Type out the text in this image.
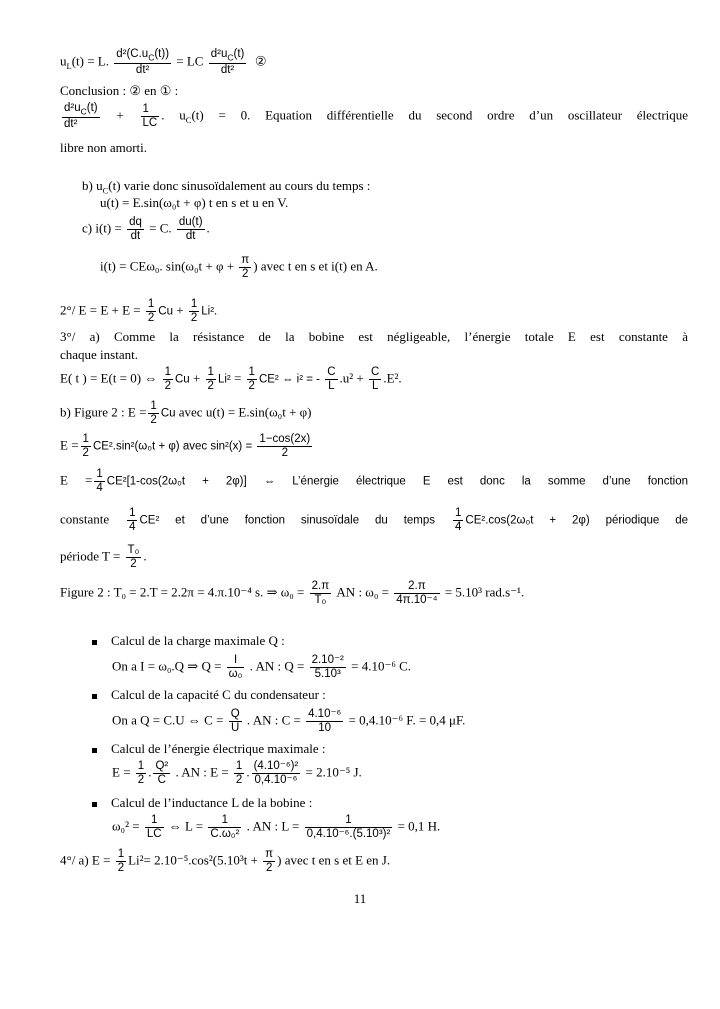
$u_L(t) = L$. $\frac{d^2(C.u_C(t))}{\text{dt²}}$ = LC $\frac{d^2u_C(t)}{\text{dt²}}$ ②
Conclusion : ② en ① :
$\frac{d^2u_C(t)}{\text{dt²}} + \frac{1}{LC}$ . $u_C(t) = 0$. Equation différentielle du second ordre d’un oscillateur électrique
libre non amorti.
b) $u_C(t)$ varie donc sinusoïdalement au cours du temps :
u(t) = E.sin(ω₀t + φ) t en s et u en V.
c) $i(t) = \frac{dq}{dt} = C$. $\frac{du(t)}{dt}$ .
i(t) = CEω₀. $\sin(\omega_0t + \varphi + \frac{\pi}{2}$ ) avec t en s et i(t) en A.
2°/ $E = E + E = \frac{1}{2}$ $Cu + \frac{1}{2} Li^2$.
3°/ a) Comme la résistance de la bobine est négligeable, l’énergie totale E est constante à
chaque instant.
E( t ) = E(t = 0) ⇔ $\frac{1}{2}$ $Cu + \frac{1}{2} Li^2 = \frac{1}{2} CE^2$ ⇔ i² = - $\frac{C}{L} .u^2 + \frac{C}{L} .E^2$.
b) Figure 2 : $E = \frac{1}{2}$ Cu avec u(t) = E.sin(ω₀t + φ)
$E = \frac{1}{2} CE^2.\sin^2(\omega_0t + \varphi)$ avec $\sin^2(x) = \frac{1-\cos(2x)}{2}$
$E = \frac{1}{4} CE^2[1-\cos(2\omega_0t + 2\varphi)]$ ⇔ L’énergie électrique E est donc la somme d’une fonction
constante $\frac{1}{4} CE^2$ et d’une fonction sinusoïdale du temps $\frac{1}{4} CE^2.\cos(2\omega_0t + 2\varphi)$ périodique de
période $T = \frac{\text{T₀}}{2}$ .
Figure 2 : T₀ = 2.T = 2.2π = 4.π.10⁻⁴ s. ⇒ $\omega_0 = \frac{2.\pi}{\text{T₀}}$ AN : $\omega_0 = \frac{2.\pi}{\text{4π.10⁻⁴}} = 5.10^3$ rad.s⁻¹.
Calcul de la charge maximale Q :
On a I = ω₀.Q ⇒ $Q = \frac{I}{\text{ω₀}}$ . AN : $Q = \frac{\text{2.10⁻²}}{\text{5.10³}} = 4.10^{-6}$ C.
Calcul de la capacité C du condensateur :
On a Q = C.U ⇔ $C = \frac{Q}{U}$ . AN : $C = \frac{\text{4.10⁻⁶}}{10} = 0,4.10^{-6}$ F. = 0,4 μF.
Calcul de l’énergie électrique maximale :
$E = \frac{1}{2}$ . $\frac{\text{Q²}}{C}$ . AN : $E = \frac{1}{2}$ . $\frac{\text{(4.10⁻⁶)²}}{\text{0,4.10⁻⁶}} = 2.10^{-5}$ J.
Calcul de l’inductance L de la bobine :
$\omega_0^2 = \frac{1}{LC}$ ⇔ $L = \frac{1}{\text{C.ω₀²}}$ . AN : $L = \frac{1}{\text{0,4.10⁻⁶.(5.10³)²}} = 0,1$ H.
4°/ a) $E = \frac{1}{2} Li^2= 2.10^{-5}.\cos^2(5.10^3t + \frac{\pi}{2}$ ) avec t en s et E en J.
11
